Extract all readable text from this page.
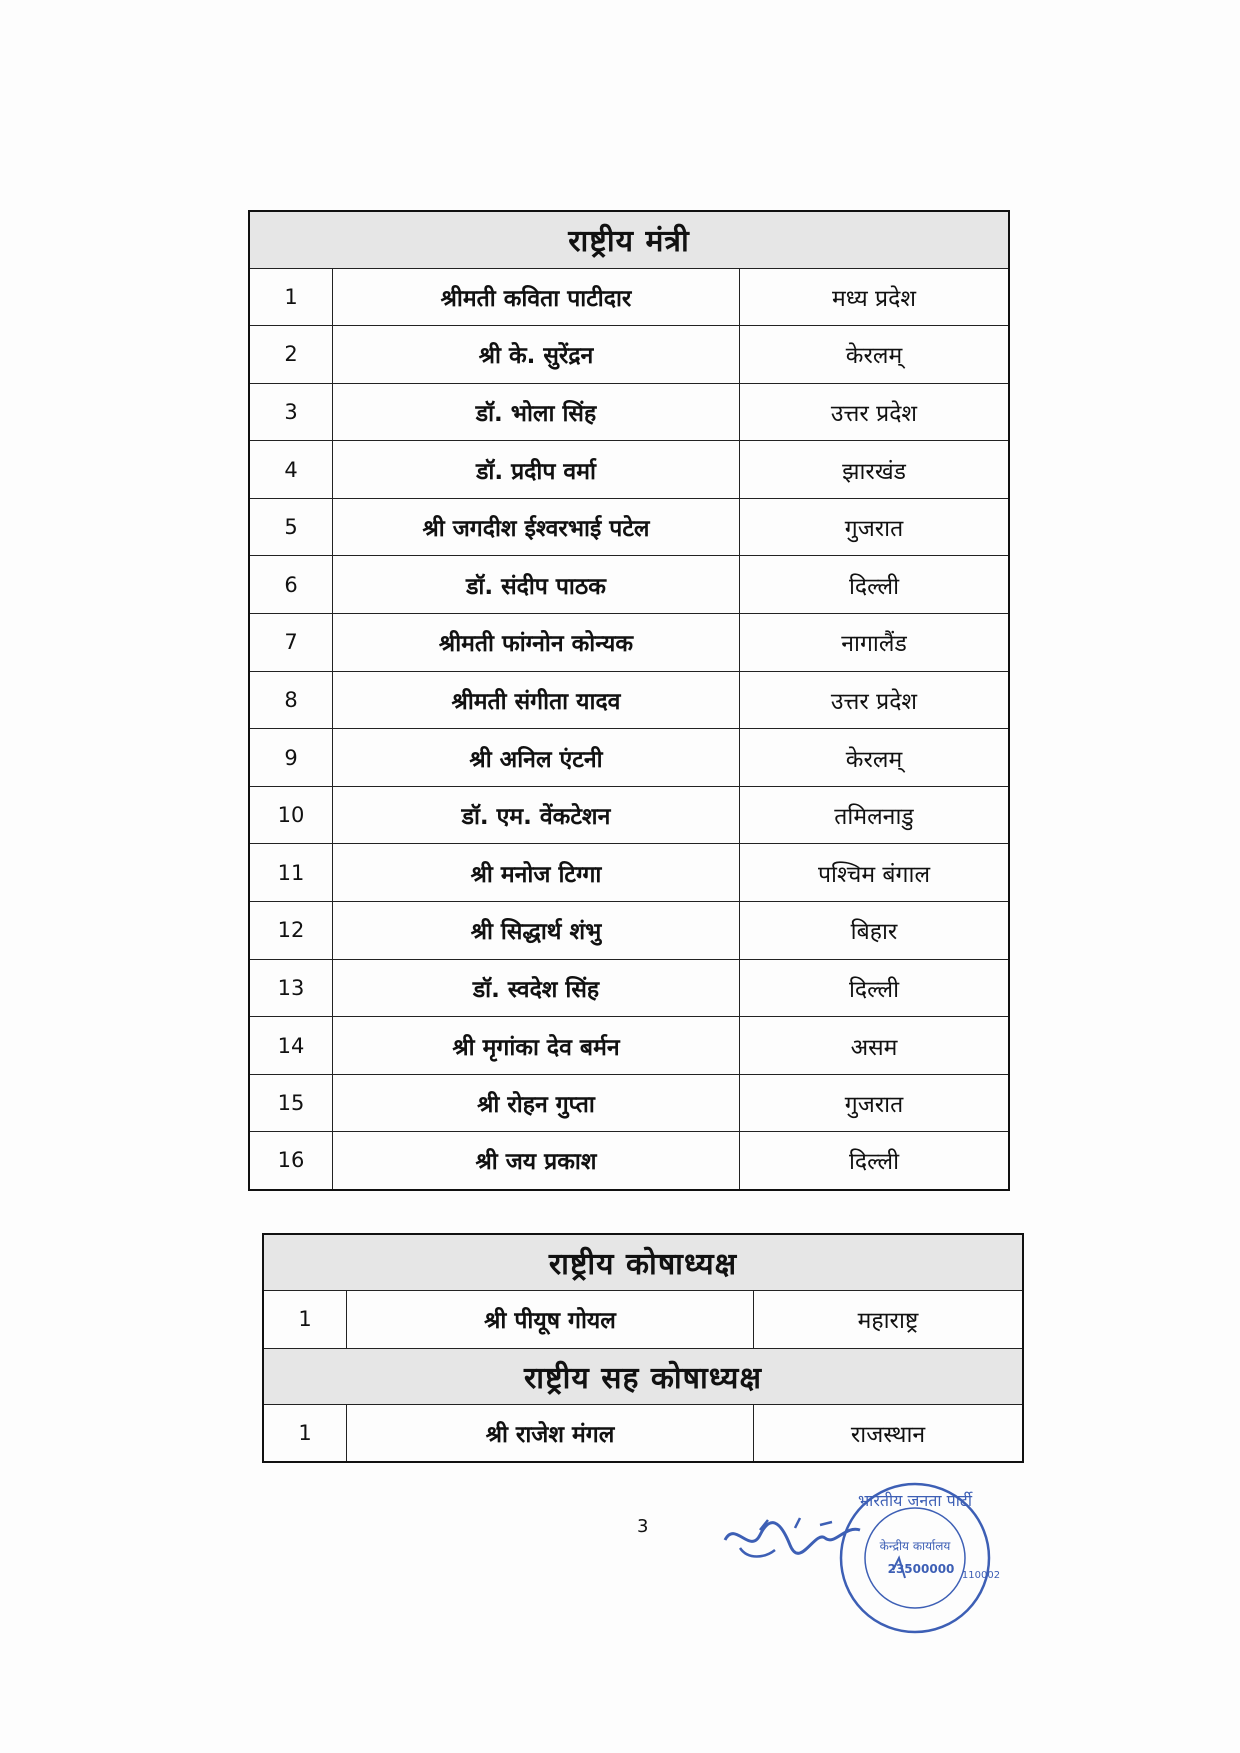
राष्ट्रीय मंत्री		
1	श्रीमती कविता पाटीदार	मध्य प्रदेश
2	श्री के. सुरेंद्रन	केरलम्
3	डॉ. भोला सिंह	उत्तर प्रदेश
4	डॉ. प्रदीप वर्मा	झारखंड
5	श्री जगदीश ईश्वरभाई पटेल	गुजरात
6	डॉ. संदीप पाठक	दिल्ली
7	श्रीमती फांग्नोन कोन्यक	नागालैंड
8	श्रीमती संगीता यादव	उत्तर प्रदेश
9	श्री अनिल एंटनी	केरलम्
10	डॉ. एम. वेंकटेशन	तमिलनाडु
11	श्री मनोज टिग्गा	पश्चिम बंगाल
12	श्री सिद्धार्थ शंभु	बिहार
13	डॉ. स्वदेश सिंह	दिल्ली
14	श्री मृगांका देव बर्मन	असम
15	श्री रोहन गुप्ता	गुजरात
16	श्री जय प्रकाश	दिल्ली
राष्ट्रीय कोषाध्यक्ष		
1	श्री पीयूष गोयल	महाराष्ट्र
राष्ट्रीय सह कोषाध्यक्ष		
1	श्री राजेश मंगल	राजस्थान
3
भारतीय जनता पार्टी
केन्द्रीय कार्यालय
23500000 110002
